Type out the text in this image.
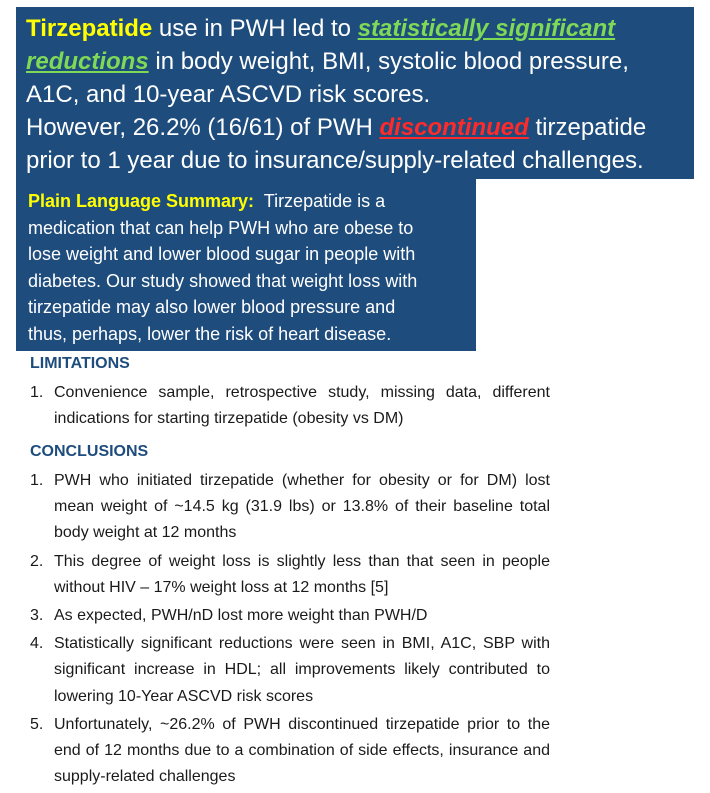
Tirzepatide use in PWH led to statistically significant

reductions in body weight, BMI, systolic blood pressure,

A1C, and 10-year ASCVD risk scores.

However, 26.2% (16/61) of PWH discontinued tirzepatide

prior to 1 year due to insurance/supply-related challenges.

Plain Language Summary:  Tirzepatide is a

medication that can help PWH who are obese to

lose weight and lower blood sugar in people with

diabetes. Our study showed that weight loss with

tirzepatide may also lower blood pressure and

thus, perhaps, lower the risk of heart disease.

LIMITATIONS
1. Convenience sample, retrospective study, missing data, different indications for starting tirzepatide (obesity vs DM)
CONCLUSIONS
1. PWH who initiated tirzepatide (whether for obesity or for DM) lost mean weight of ~14.5 kg (31.9 lbs) or 13.8% of their baseline total body weight at 12 months
2. This degree of weight loss is slightly less than that seen in people without HIV – 17% weight loss at 12 months [5]
3. As expected, PWH/nD lost more weight than PWH/D
4. Statistically significant reductions were seen in BMI, A1C, SBP with significant increase in HDL; all improvements likely contributed to lowering 10-Year ASCVD risk scores
5. Unfortunately, ~26.2% of PWH discontinued tirzepatide prior to the end of 12 months due to a combination of side effects, insurance and supply-related challenges
